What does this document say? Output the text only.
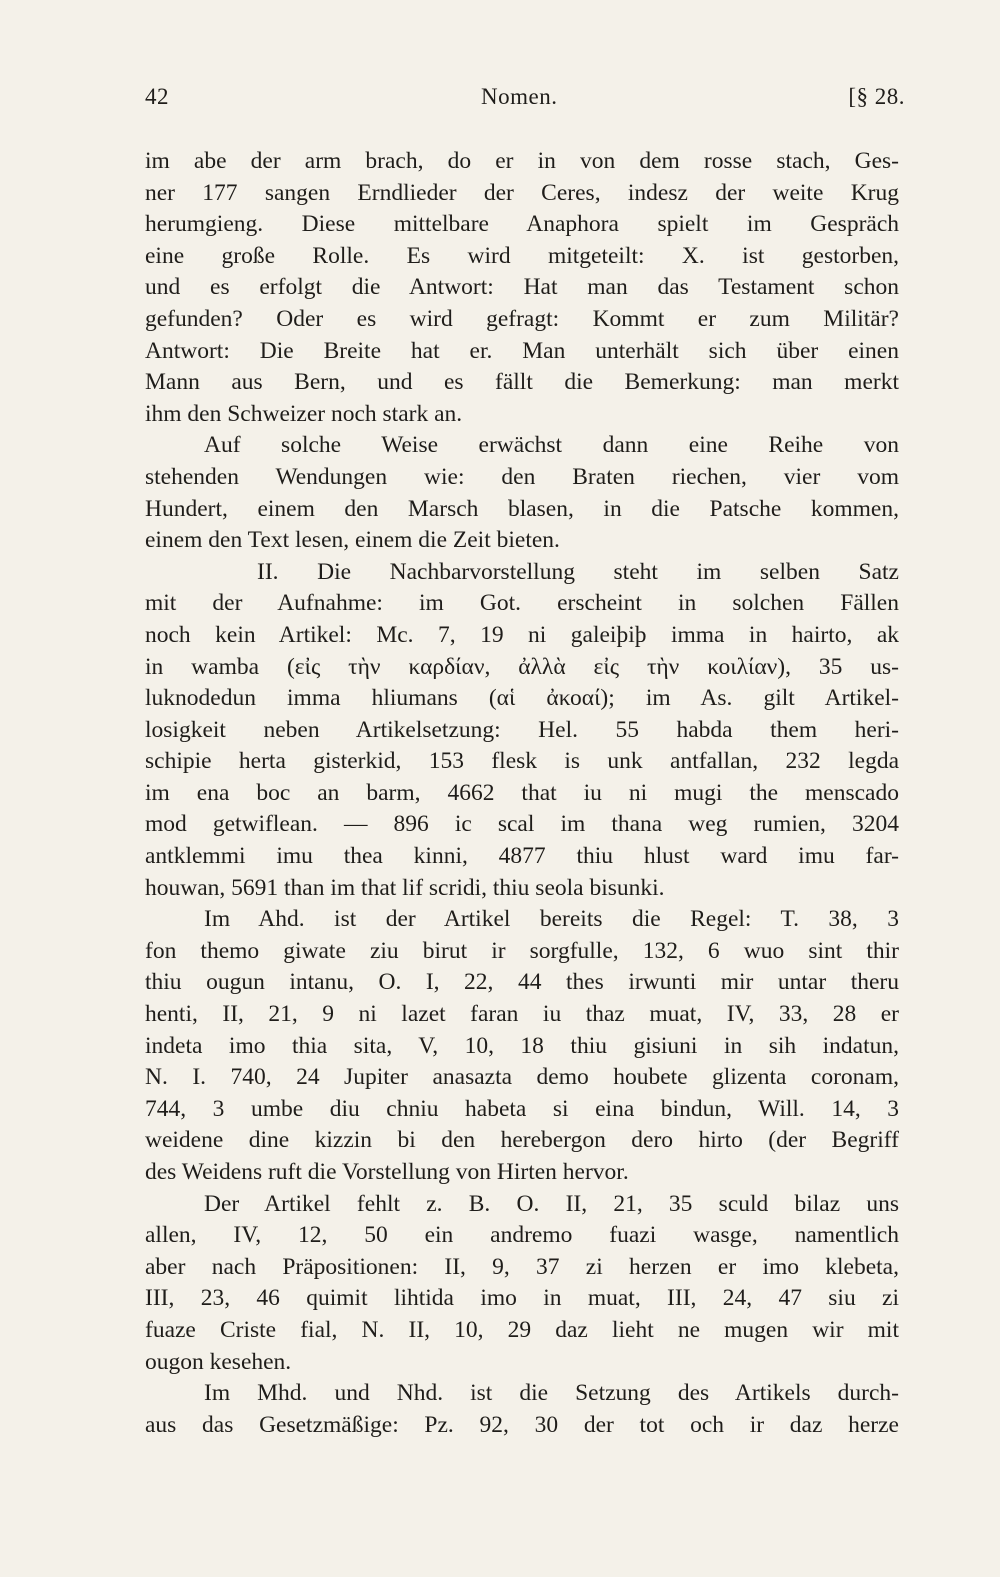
42	Nomen.	[§ 28.
im abe der arm brach, do er in von dem rosse stach, Ges-
ner 177 sangen Erndlieder der Ceres, indesz der weite Krug
herumgieng. Diese mittelbare Anaphora spielt im Gespräch
eine große Rolle. Es wird mitgeteilt: X. ist gestorben,
und es erfolgt die Antwort: Hat man das Testament schon
gefunden? Oder es wird gefragt: Kommt er zum Militär?
Antwort: Die Breite hat er. Man unterhält sich über einen
Mann aus Bern, und es fällt die Bemerkung: man merkt
ihm den Schweizer noch stark an.
Auf solche Weise erwächst dann eine Reihe von
stehenden Wendungen wie: den Braten riechen, vier vom
Hundert, einem den Marsch blasen, in die Patsche kommen,
einem den Text lesen, einem die Zeit bieten.
II. Die Nachbarvorstellung steht im selben Satz
mit der Aufnahme: im Got. erscheint in solchen Fällen
noch kein Artikel: Mc. 7, 19 ni galeiþiþ imma in hairto, ak
in wamba (εἰς τὴν καρδίαν, ἀλλὰ εἰς τὴν κοιλίαν), 35 us-
luknodedun imma hliumans (αἱ ἀκοαί); im As. gilt Artikel-
losigkeit neben Artikelsetzung: Hel. 55 habda them heri-
schipie herta gisterkid, 153 flesk is unk antfallan, 232 legda
im ena boc an barm, 4662 that iu ni mugi the menscado
mod getwiflean. — 896 ic scal im thana weg rumien, 3204
antklemmi imu thea kinni, 4877 thiu hlust ward imu far-
houwan, 5691 than im that lif scridi, thiu seola bisunki.
Im Ahd. ist der Artikel bereits die Regel: T. 38, 3
fon themo giwate ziu birut ir sorgfulle, 132, 6 wuo sint thir
thiu ougun intanu, O. I, 22, 44 thes irwunti mir untar theru
henti, II, 21, 9 ni lazet faran iu thaz muat, IV, 33, 28 er
indeta imo thia sita, V, 10, 18 thiu gisiuni in sih indatun,
N. I. 740, 24 Jupiter anasazta demo houbete glizenta coronam,
744, 3 umbe diu chniu habeta si eina bindun, Will. 14, 3
weidene dine kizzin bi den herebergon dero hirto (der Begriff
des Weidens ruft die Vorstellung von Hirten hervor.
Der Artikel fehlt z. B. O. II, 21, 35 sculd bilaz uns
allen, IV, 12, 50 ein andremo fuazi wasge, namentlich
aber nach Präpositionen: II, 9, 37 zi herzen er imo klebeta,
III, 23, 46 quimit lihtida imo in muat, III, 24, 47 siu zi
fuaze Criste fial, N. II, 10, 29 daz lieht ne mugen wir mit
ougon kesehen.
Im Mhd. und Nhd. ist die Setzung des Artikels durch-
aus das Gesetzmäßige: Pz. 92, 30 der tot och ir daz herze
